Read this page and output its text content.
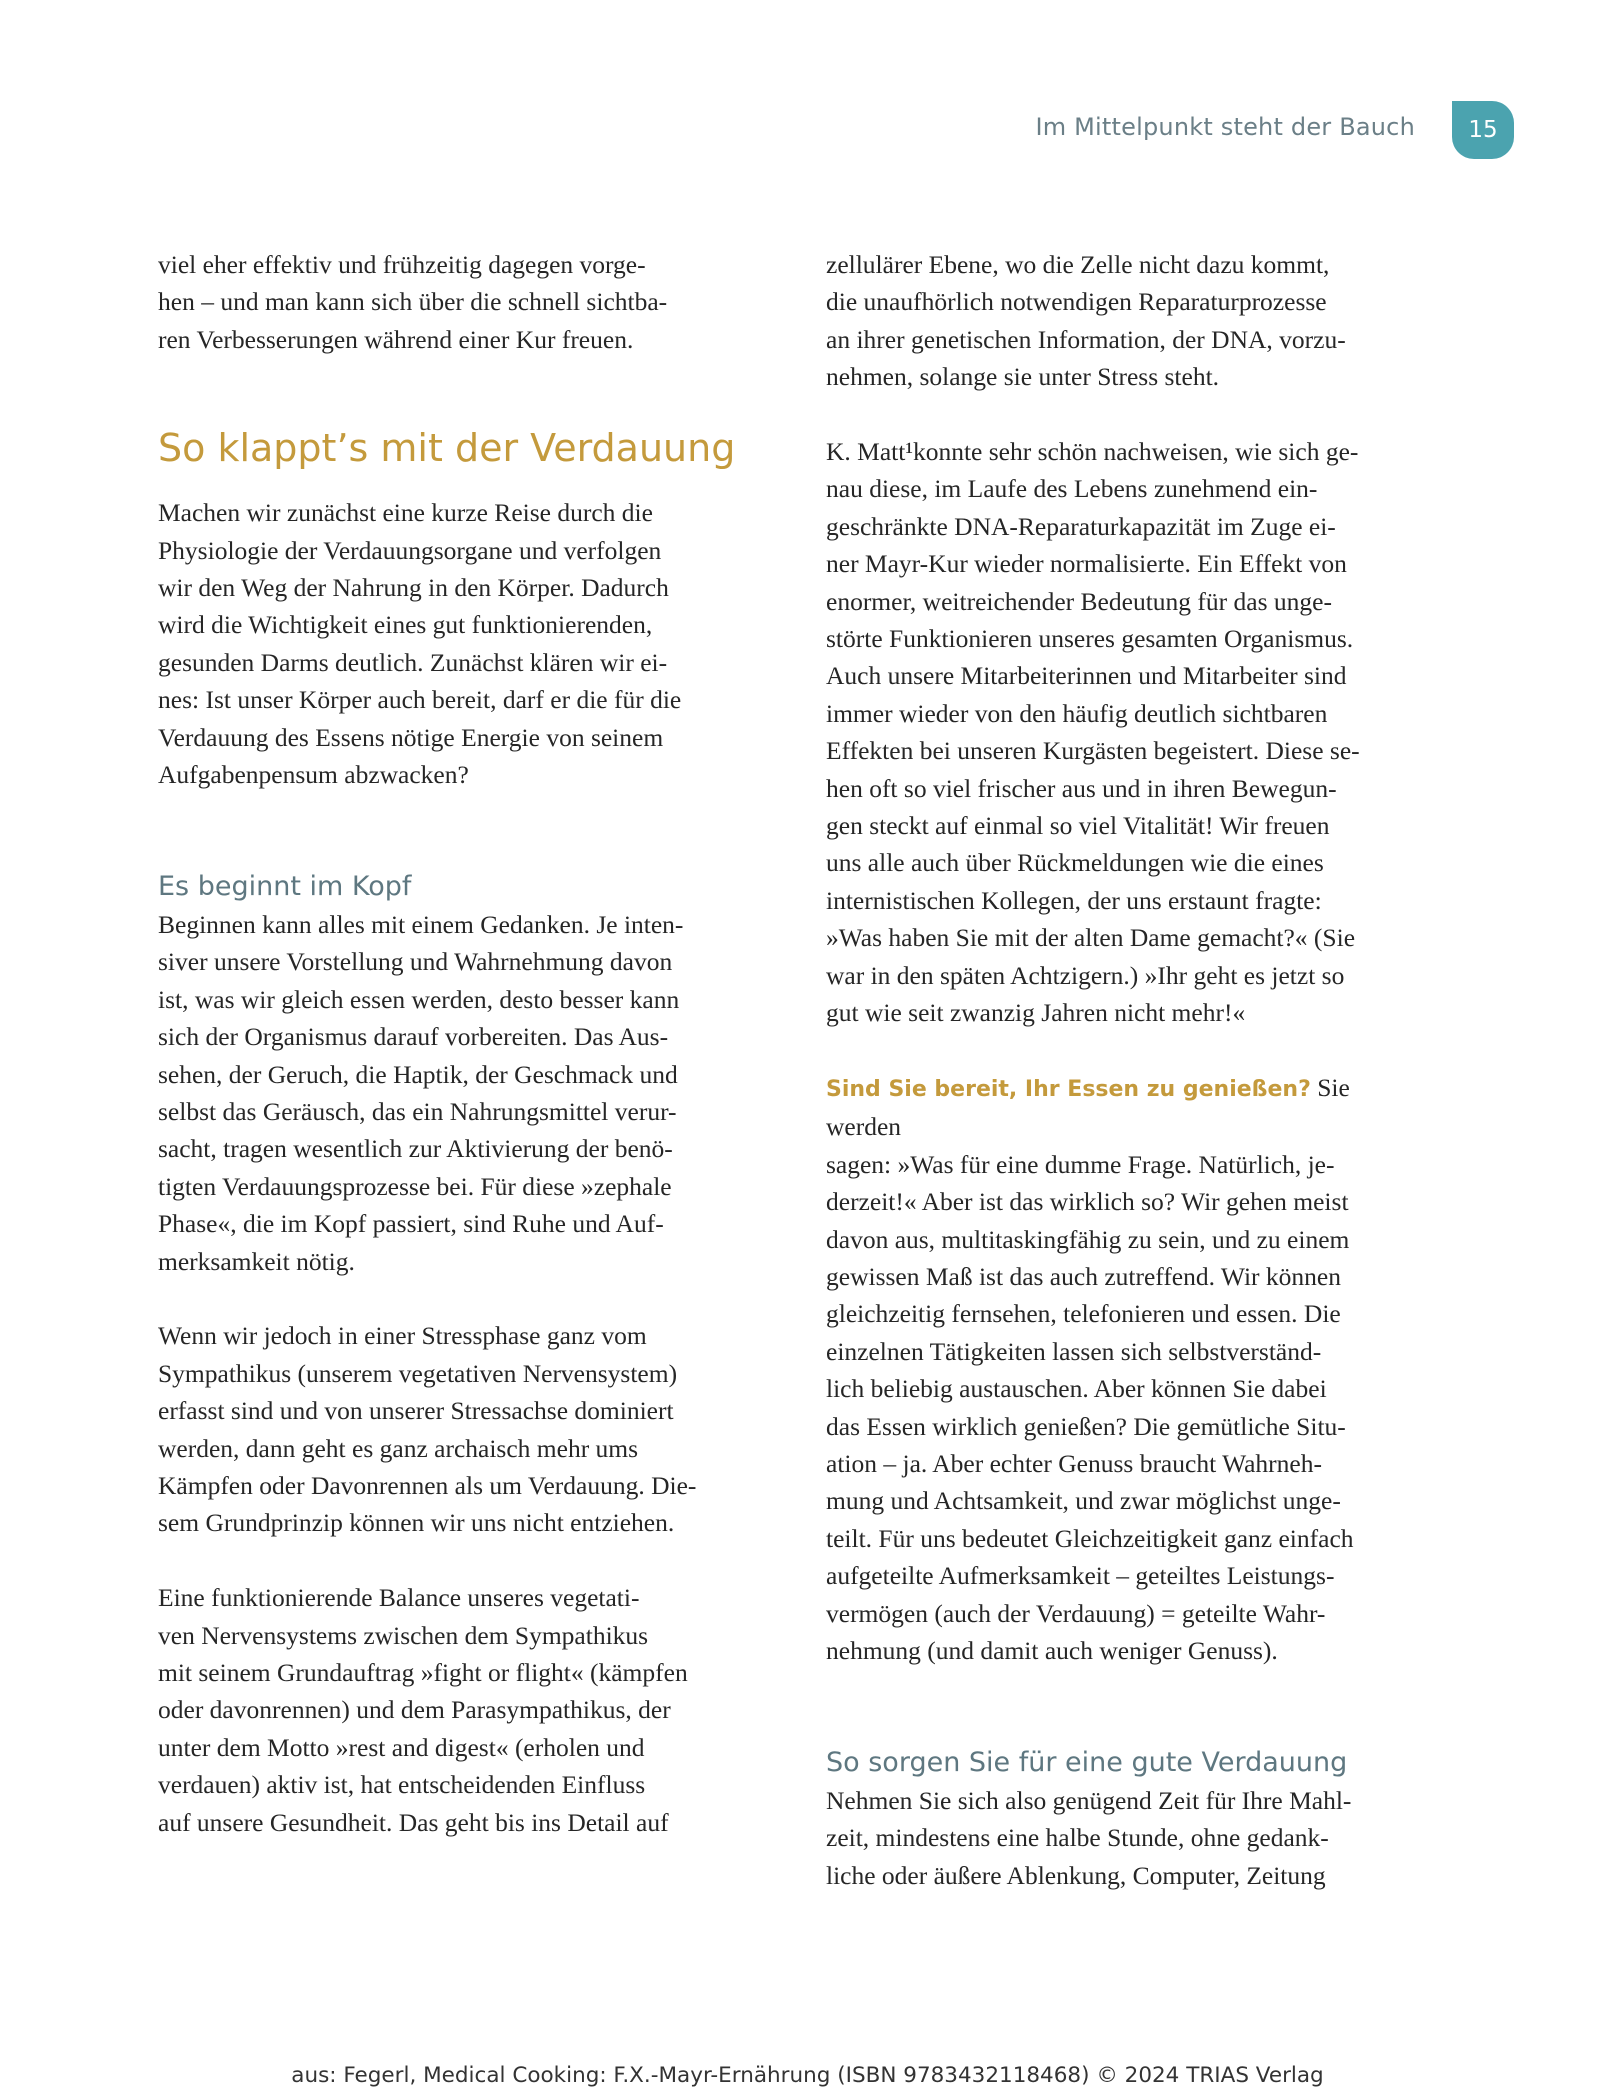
Im Mittelpunkt steht der Bauch	15

viel eher effektiv und frühzeitig dagegen vorge-

hen – und man kann sich über die schnell sichtba-

ren Verbesserungen während einer Kur freuen.

So klappt’s mit der Verdauung

Machen wir zunächst eine kurze Reise durch die

Physiologie der Verdauungsorgane und verfolgen

wir den Weg der Nahrung in den Körper. Dadurch

wird die Wichtigkeit eines gut funktionierenden,

gesunden Darms deutlich. Zunächst klären wir ei-

nes: Ist unser Körper auch bereit, darf er die für die

Verdauung des Essens nötige Energie von seinem

Aufgabenpensum abzwacken?

Es beginnt im Kopf

Beginnen kann alles mit einem Gedanken. Je inten-

siver unsere Vorstellung und Wahrnehmung davon

ist, was wir gleich essen werden, desto besser kann

sich der Organismus darauf vorbereiten. Das Aus-

sehen, der Geruch, die Haptik, der Geschmack und

selbst das Geräusch, das ein Nahrungsmittel verur-

sacht, tragen wesentlich zur Aktivierung der benö-

tigten Verdauungsprozesse bei. Für diese »zephale

Phase«, die im Kopf passiert, sind Ruhe und Auf-

merksamkeit nötig.

Wenn wir jedoch in einer Stressphase ganz vom

Sympathikus (unserem vegetativen Nervensystem)

erfasst sind und von unserer Stressachse dominiert

werden, dann geht es ganz archaisch mehr ums

Kämpfen oder Davonrennen als um Verdauung. Die-

sem Grundprinzip können wir uns nicht entziehen.

Eine funktionierende Balance unseres vegetati-

ven Nervensystems zwischen dem Sympathikus

mit seinem Grundauftrag »fight or flight« (kämpfen

oder davonrennen) und dem Parasympathikus, der

unter dem Motto »rest and digest« (erholen und

verdauen) aktiv ist, hat entscheidenden Einfluss

auf unsere Gesundheit. Das geht bis ins Detail auf

zellulärer Ebene, wo die Zelle nicht dazu kommt,

die unaufhörlich notwendigen Reparaturprozesse

an ihrer genetischen Information, der DNA, vorzu-

nehmen, solange sie unter Stress steht.

K. Matt¹konnte sehr schön nachweisen, wie sich ge-

nau diese, im Laufe des Lebens zunehmend ein-

geschränkte DNA-Reparaturkapazität im Zuge ei-

ner Mayr-Kur wieder normalisierte. Ein Effekt von

enormer, weitreichender Bedeutung für das unge-

störte Funktionieren unseres gesamten Organismus.

Auch unsere Mitarbeiterinnen und Mitarbeiter sind

immer wieder von den häufig deutlich sichtbaren

Effekten bei unseren Kurgästen begeistert. Diese se-

hen oft so viel frischer aus und in ihren Bewegun-

gen steckt auf einmal so viel Vitalität! Wir freuen

uns alle auch über Rückmeldungen wie die eines

internistischen Kollegen, der uns erstaunt fragte:

»Was haben Sie mit der alten Dame gemacht?« (Sie

war in den späten Achtzigern.) »Ihr geht es jetzt so

gut wie seit zwanzig Jahren nicht mehr!«

Sind Sie bereit, Ihr Essen zu genießen? Sie werden

sagen: »Was für eine dumme Frage. Natürlich, je-

derzeit!« Aber ist das wirklich so? Wir gehen meist

davon aus, multitaskingfähig zu sein, und zu einem

gewissen Maß ist das auch zutreffend. Wir können

gleichzeitig fernsehen, telefonieren und essen. Die

einzelnen Tätigkeiten lassen sich selbstverständ-

lich beliebig austauschen. Aber können Sie dabei

das Essen wirklich genießen? Die gemütliche Situ-

ation – ja. Aber echter Genuss braucht Wahrneh-

mung und Achtsamkeit, und zwar möglichst unge-

teilt. Für uns bedeutet Gleichzeitigkeit ganz einfach

aufgeteilte Aufmerksamkeit – geteiltes Leistungs-

vermögen (auch der Verdauung) = geteilte Wahr-

nehmung (und damit auch weniger Genuss).

So sorgen Sie für eine gute Verdauung

Nehmen Sie sich also genügend Zeit für Ihre Mahl-

zeit, mindestens eine halbe Stunde, ohne gedank-

liche oder äußere Ablenkung, Computer, Zeitung

aus: Fegerl, Medical Cooking: F.X.-Mayr-Ernährung (ISBN 9783432118468) © 2024 TRIAS Verlag
